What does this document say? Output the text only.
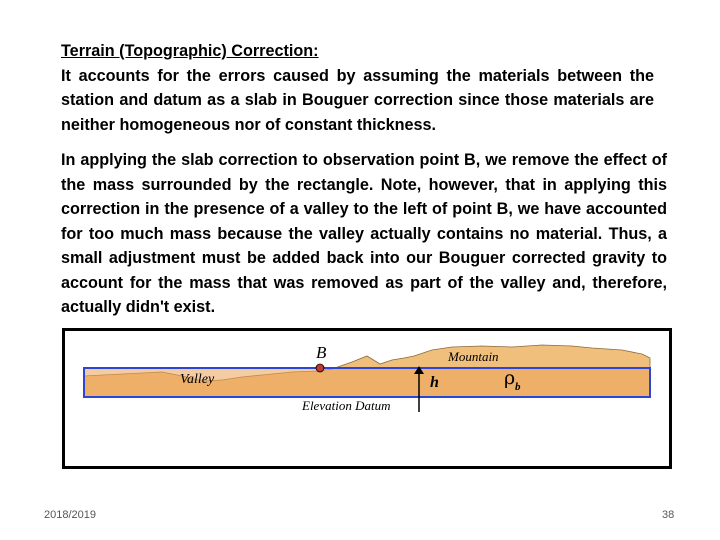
Terrain (Topographic) Correction:
It accounts for the errors caused by assuming the materials between the station and datum as a slab in Bouguer correction since those materials are neither homogeneous nor of constant thickness.

In applying the slab correction to observation point B, we remove the effect of the mass surrounded by the rectangle. Note, however, that in applying this correction in the presence of a valley to the left of point B, we have accounted for too much mass because the valley actually contains no material. Thus, a small adjustment must be added back into our Bouguer corrected gravity to account for the mass that was removed as part of the valley and, therefore, actually didn't exist.

B
Valley
Mountain
h	ρ b
Elevation Datum
2018/2019	38
